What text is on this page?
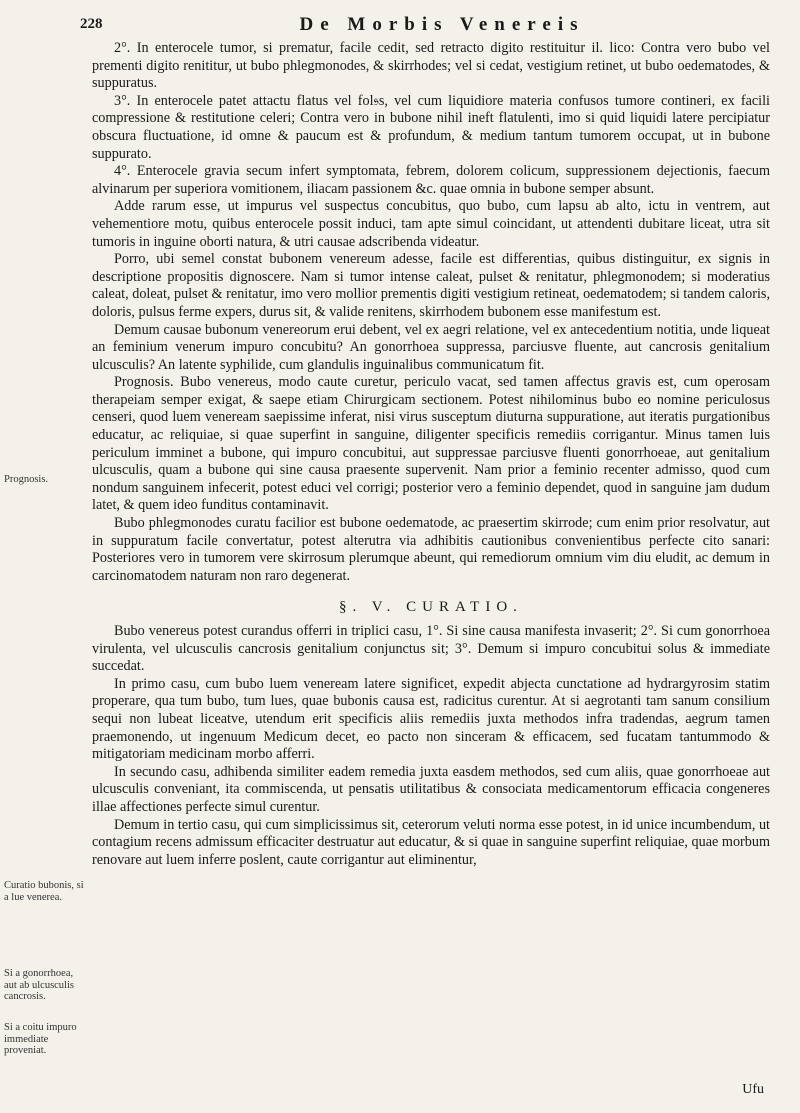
228	De Morbis Venereis

2°. In enterocele tumor, si prematur, facile cedit, sed retracto digito restituitur il. lico: Contra vero bubo vel prementi digito renititur, ut bubo phlegmonodes, & skirrhodes; vel si cedat, vestigium retinet, ut bubo oedematodes, & suppuratus.

3°. In enterocele patet attactu flatus vel fol𝔰s, vel cum liquidiore materia confusos tumore contineri, ex facili compressione & restitutione celeri; Contra vero in bubone nihil ineft flatulenti, imo si quid liquidi latere percipiatur obscura fluctuatione, id omne & paucum est & profundum, & medium tantum tumorem occupat, ut in bubone suppurato.

4°. Enterocele gravia secum infert symptomata, febrem, dolorem colicum, suppressionem dejectionis, faecum alvinarum per superiora vomitionem, iliacam passionem &c. quae omnia in bubone semper absunt.

Adde rarum esse, ut impurus vel suspectus concubitus, quo bubo, cum lapsu ab alto, ictu in ventrem, aut vehementiore motu, quibus enterocele possit induci, tam apte simul coincidant, ut attendenti dubitare liceat, utra sit tumoris in inguine oborti natura, & utri causae adscribenda videatur.

Porro, ubi semel constat bubonem venereum adesse, facile est differentias, quibus distinguitur, ex signis in descriptione propositis dignoscere. Nam si tumor intense caleat, pulset & renitatur, phlegmonodem; si moderatius caleat, doleat, pulset & renitatur, imo vero mollior prementis digiti vestigium retineat, oedematodem; si tandem caloris, doloris, pulsus ferme expers, durus sit, & valide renitens, skirrhodem bubonem esse manifestum est.

Demum causae bubonum venereorum erui debent, vel ex aegri relatione, vel ex antecedentium notitia, unde liqueat an feminium venerum impuro concubitu? An gonorrhoea suppressa, parciusve fluente, aut cancrosis genitalium ulcusculis? An latente syphilide, cum glandulis inguinalibus communicatum fit.

Prognosis. Bubo venereus, modo caute curetur, periculo vacat, sed tamen affectus gravis est, cum operosam therapeiam semper exigat, & saepe etiam Chirurgicam sectionem. Potest nihilominus bubo eo nomine periculosus censeri, quod luem veneream saepissime inferat, nisi virus susceptum diuturna suppuratione, aut iteratis purgationibus educatur, ac reliquiae, si quae superfint in sanguine, diligenter specificis remediis corrigantur. Minus tamen luis periculum imminet a bubone, qui impuro concubitui, aut suppressae parciusve fluenti gonorrhoeae, aut genitalium ulcusculis, quam a bubone qui sine causa praesente supervenit. Nam prior a feminio recenter admisso, quod cum nondum sanguinem infecerit, potest educi vel corrigi; posterior vero a feminio dependet, quod in sanguine jam dudum latet, & quem ideo funditus contaminavit.

Bubo phlegmonodes curatu facilior est bubone oedematode, ac praesertim skirrode; cum enim prior resolvatur, aut in suppuratum facile convertatur, potest alterutra via adhibitis cautionibus convenientibus perfecte cito sanari: Posteriores vero in tumorem vere skirrosum plerumque abeunt, qui remediorum omnium vim diu eludit, ac demum in carcinomatodem naturam non raro degenerat.

§. V. CURATIO.

Bubo venereus potest curandus offerri in triplici casu, 1°. Si sine causa manifesta invaserit; 2°. Si cum gonorrhoea virulenta, vel ulcusculis cancrosis genitalium conjunctus sit; 3°. Demum si impuro concubitui solus & immediate succedat.

In primo casu, cum bubo luem veneream latere significet, expedit abjecta cunctatione ad hydrargyrosim statim properare, qua tum bubo, tum lues, quae bubonis causa est, radicitus curentur. At si aegrotanti tam sanum consilium sequi non lubeat liceatve, utendum erit specificis aliis remediis juxta methodos infra tradendas, aegrum tamen praemonendo, ut ingenuum Medicum decet, eo pacto non sinceram & efficacem, sed fucatam tantummodo & mitigatoriam medicinam morbo afferri.

In secundo casu, adhibenda similiter eadem remedia juxta easdem methodos, sed cum aliis, quae gonorrhoeae aut ulcusculis conveniant, ita commiscenda, ut pensatis utilitatibus & consociata medicamentorum efficacia congeneres illae affectiones perfecte simul curentur.

Demum in tertio casu, qui cum simplicissimus sit, ceterorum veluti norma esse potest, in id unice incumbendum, ut contagium recens admissum efficaciter destruatur aut educatur, & si quae in sanguine superfint reliquiae, quae morbum renovare aut luem inferre poslent, caute corrigantur aut eliminentur,

Prognosis.
Curatio bubonis, si a lue venerea.
Si a gonorrhoea, aut ab ulcusculis cancrosis.
Si a coitu impuro immediate proveniat.
Ufu
